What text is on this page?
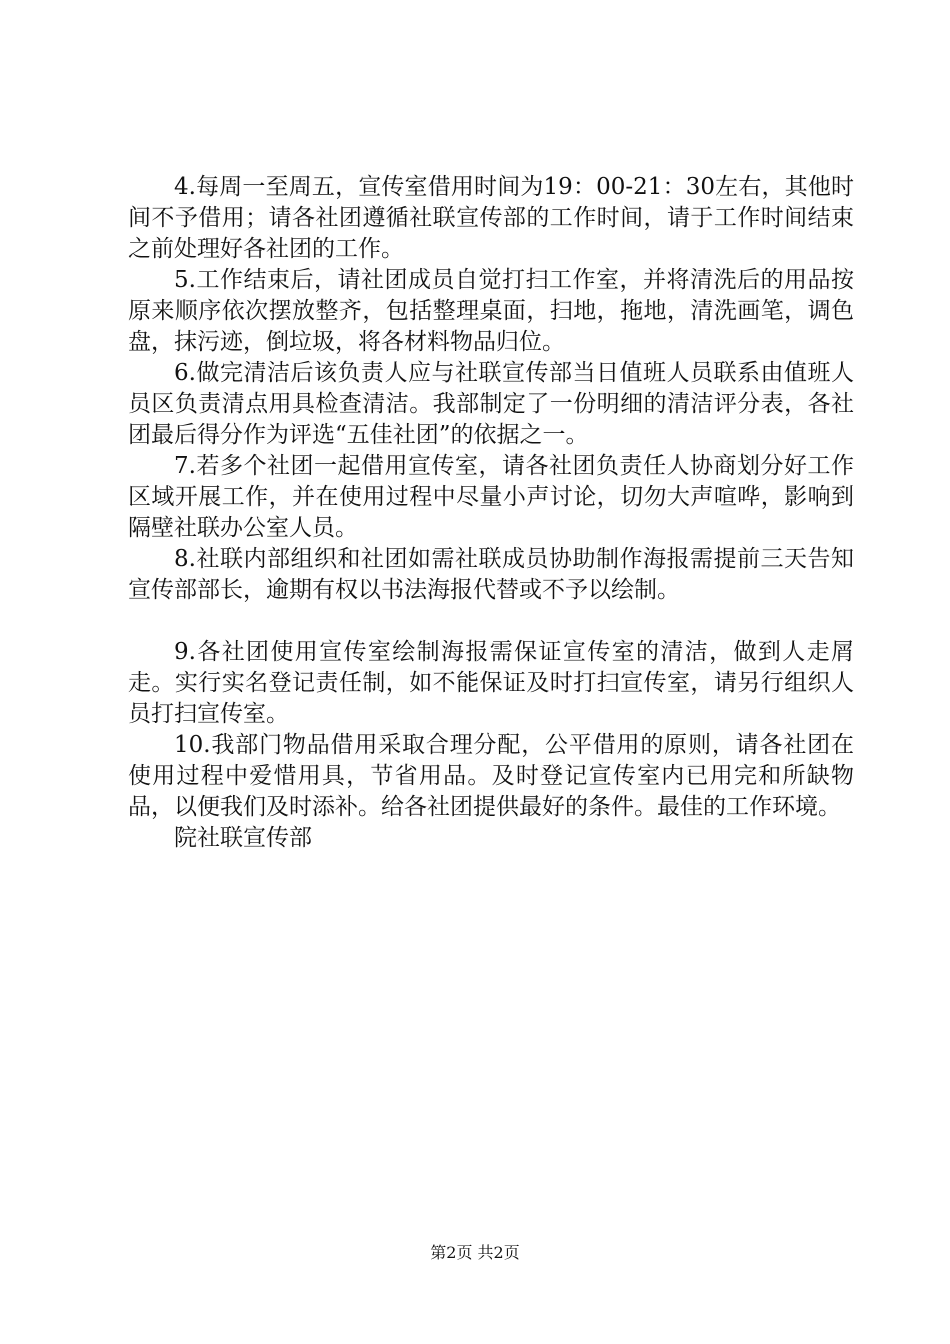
4.每周一至周五，宣传室借用时间为19：00-21：30左右，其他时间不予借用；请各社团遵循社联宣传部的工作时间，请于工作时间结束之前处理好各社团的工作。

5.工作结束后，请社团成员自觉打扫工作室，并将清洗后的用品按原来顺序依次摆放整齐，包括整理桌面，扫地，拖地，清洗画笔，调色盘，抹污迹，倒垃圾，将各材料物品归位。

6.做完清洁后该负责人应与社联宣传部当日值班人员联系由值班人员区负责清点用具检查清洁。我部制定了一份明细的清洁评分表，各社团最后得分作为评选“五佳社团”的依据之一。

7.若多个社团一起借用宣传室，请各社团负责任人协商划分好工作区域开展工作，并在使用过程中尽量小声讨论，切勿大声喧哗，影响到隔壁社联办公室人员。

8.社联内部组织和社团如需社联成员协助制作海报需提前三天告知宣传部部长，逾期有权以书法海报代替或不予以绘制。

9.各社团使用宣传室绘制海报需保证宣传室的清洁，做到人走屑走。实行实名登记责任制，如不能保证及时打扫宣传室，请另行组织人员打扫宣传室。

10.我部门物品借用采取合理分配，公平借用的原则，请各社团在使用过程中爱惜用具，节省用品。及时登记宣传室内已用完和所缺物品，以便我们及时添补。给各社团提供最好的条件。最佳的工作环境。

院社联宣传部

第2页 共2页
